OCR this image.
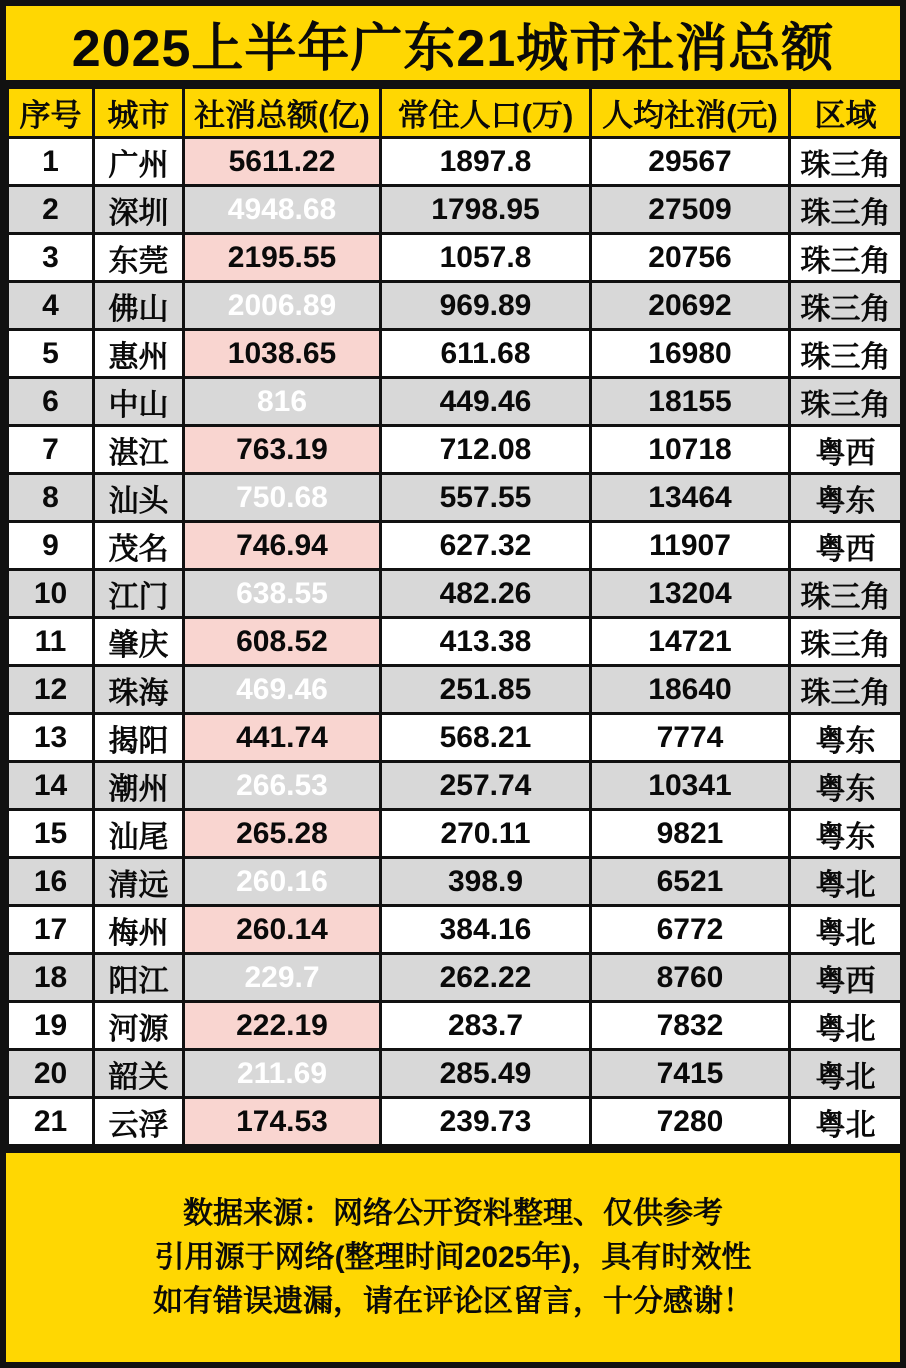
2025上半年广东21城市社消总额
序号	城市	社消总额(亿)	常住人口(万)	人均社消(元)	区域
1	广州	5611.22	1897.8	29567	珠三角
2	深圳	4948.68	1798.95	27509	珠三角
3	东莞	2195.55	1057.8	20756	珠三角
4	佛山	2006.89	969.89	20692	珠三角
5	惠州	1038.65	611.68	16980	珠三角
6	中山	816	449.46	18155	珠三角
7	湛江	763.19	712.08	10718	粤西
8	汕头	750.68	557.55	13464	粤东
9	茂名	746.94	627.32	11907	粤西
10	江门	638.55	482.26	13204	珠三角
11	肇庆	608.52	413.38	14721	珠三角
12	珠海	469.46	251.85	18640	珠三角
13	揭阳	441.74	568.21	7774	粤东
14	潮州	266.53	257.74	10341	粤东
15	汕尾	265.28	270.11	9821	粤东
16	清远	260.16	398.9	6521	粤北
17	梅州	260.14	384.16	6772	粤北
18	阳江	229.7	262.22	8760	粤西
19	河源	222.19	283.7	7832	粤北
20	韶关	211.69	285.49	7415	粤北
21	云浮	174.53	239.73	7280	粤北
数据来源：网络公开资料整理、仅供参考
引用源于网络(整理时间2025年)，具有时效性
如有错误遗漏，请在评论区留言，十分感谢！
